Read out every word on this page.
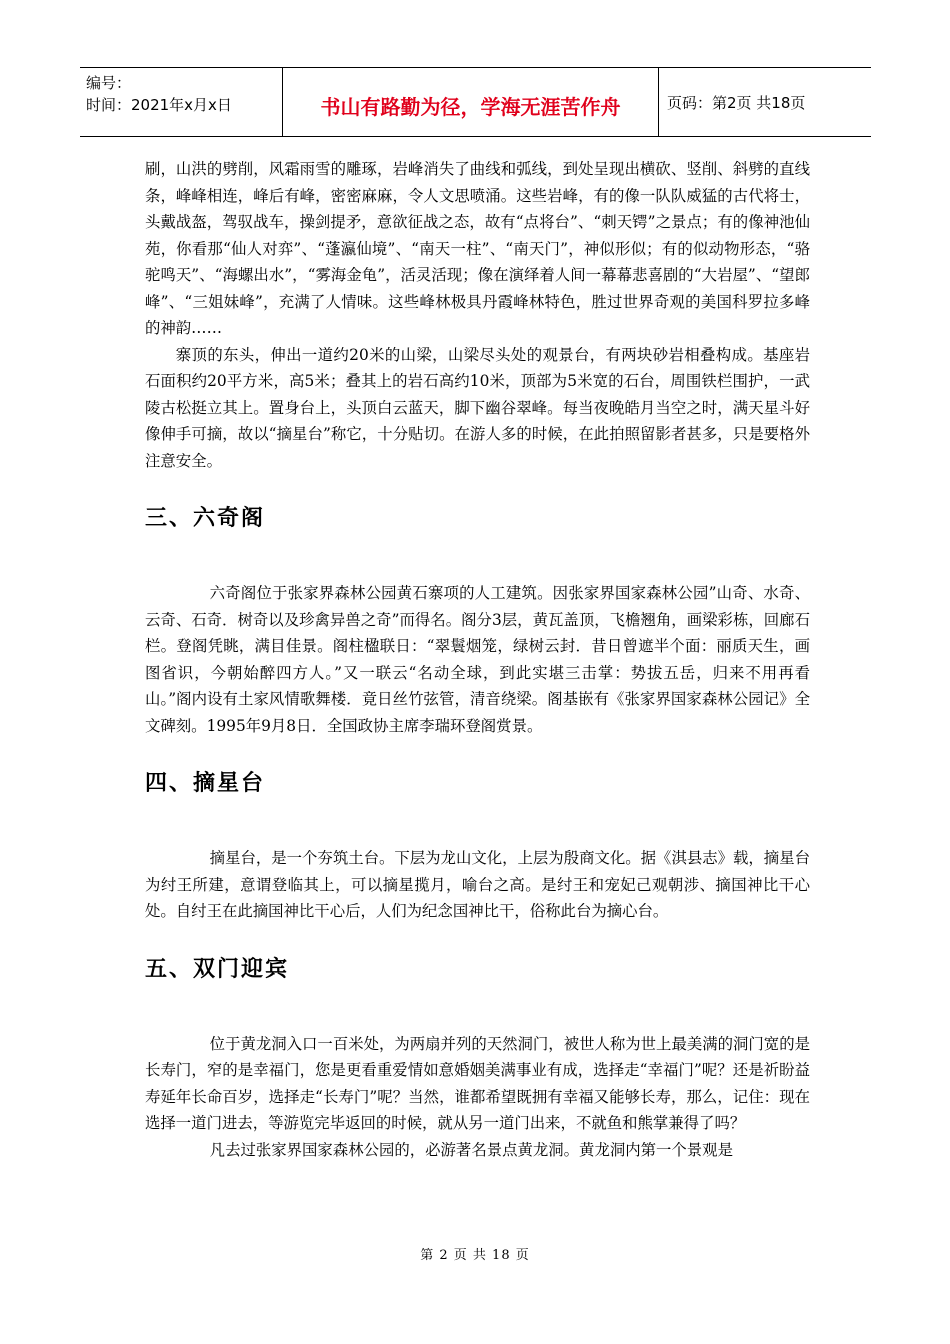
编号：
时间：2021年x月x日	书山有路勤为径，学海无涯苦作舟	页码：第2页 共18页

刷，山洪的劈削，风霜雨雪的雕琢，岩峰消失了曲线和弧线，到处呈现出横砍、竖削、斜劈的直线条，峰峰相连，峰后有峰，密密麻麻，令人文思喷涌。这些岩峰，有的像一队队威猛的古代将士，头戴战盔，驾驭战车，操剑提矛，意欲征战之态，故有“点将台”、“刺天锷”之景点；有的像神池仙苑，你看那“仙人对弈”、“蓬瀛仙境”、“南天一柱”、“南天门”，神似形似；有的似动物形态，“骆驼鸣天”、“海螺出水”，“雾海金龟”，活灵活现；像在演绎着人间一幕幕悲喜剧的“大岩屋”、“望郎峰”、“三姐妹峰”，充满了人情味。这些峰林极具丹霞峰林特色，胜过世界奇观的美国科罗拉多峰的神韵……

寨顶的东头，伸出一道约20米的山梁，山梁尽头处的观景台，有两块砂岩相叠构成。基座岩石面积约20平方米，高5米；叠其上的岩石高约10米，顶部为5米宽的石台，周围铁栏围护，一武陵古松挺立其上。置身台上，头顶白云蓝天，脚下幽谷翠峰。每当夜晚皓月当空之时，满天星斗好像伸手可摘，故以“摘星台”称它，十分贴切。在游人多的时候，在此拍照留影者甚多，只是要格外注意安全。

三、六奇阁

六奇阁位于张家界森林公园黄石寨项的人工建筑。因张家界国家森林公园”山奇、水奇、云奇、石奇．树奇以及珍禽异兽之奇”而得名。阁分3层，黄瓦盖顶，飞檐翘角，画梁彩栋，回廊石栏。登阁凭眺，满目佳景。阁柱楹联日：“翠鬟烟笼，绿树云封．昔日曾遮半个面：丽质天生，画图省识，今朝始醉四方人。”又一联云“名动全球，到此实堪三击掌：势拔五岳，归来不用再看山。”阁内设有土家风情歌舞楼．竟日丝竹弦管，清音绕梁。阁基嵌有《张家界国家森林公园记》全文碑刻。1995年9月8日．全国政协主席李瑞环登阁赏景。

四、摘星台

摘星台，是一个夯筑土台。下层为龙山文化，上层为殷商文化。据《淇县志》载，摘星台为纣王所建，意谓登临其上，可以摘星揽月，喻台之高。是纣王和宠妃己观朝涉、摘国神比干心处。自纣王在此摘国神比干心后，人们为纪念国神比干，俗称此台为摘心台。

五、双门迎宾

位于黄龙洞入口一百米处，为两扇并列的天然洞门，被世人称为世上最美满的洞门宽的是长寿门，窄的是幸福门，您是更看重爱情如意婚姻美满事业有成，选择走“幸福门”呢？还是祈盼益寿延年长命百岁，选择走“长寿门”呢？当然，谁都希望既拥有幸福又能够长寿，那么，记住：现在选择一道门进去，等游览完毕返回的时候，就从另一道门出来，不就鱼和熊掌兼得了吗？

凡去过张家界国家森林公园的，必游著名景点黄龙洞。黄龙洞内第一个景观是

第 2 页 共 18 页
